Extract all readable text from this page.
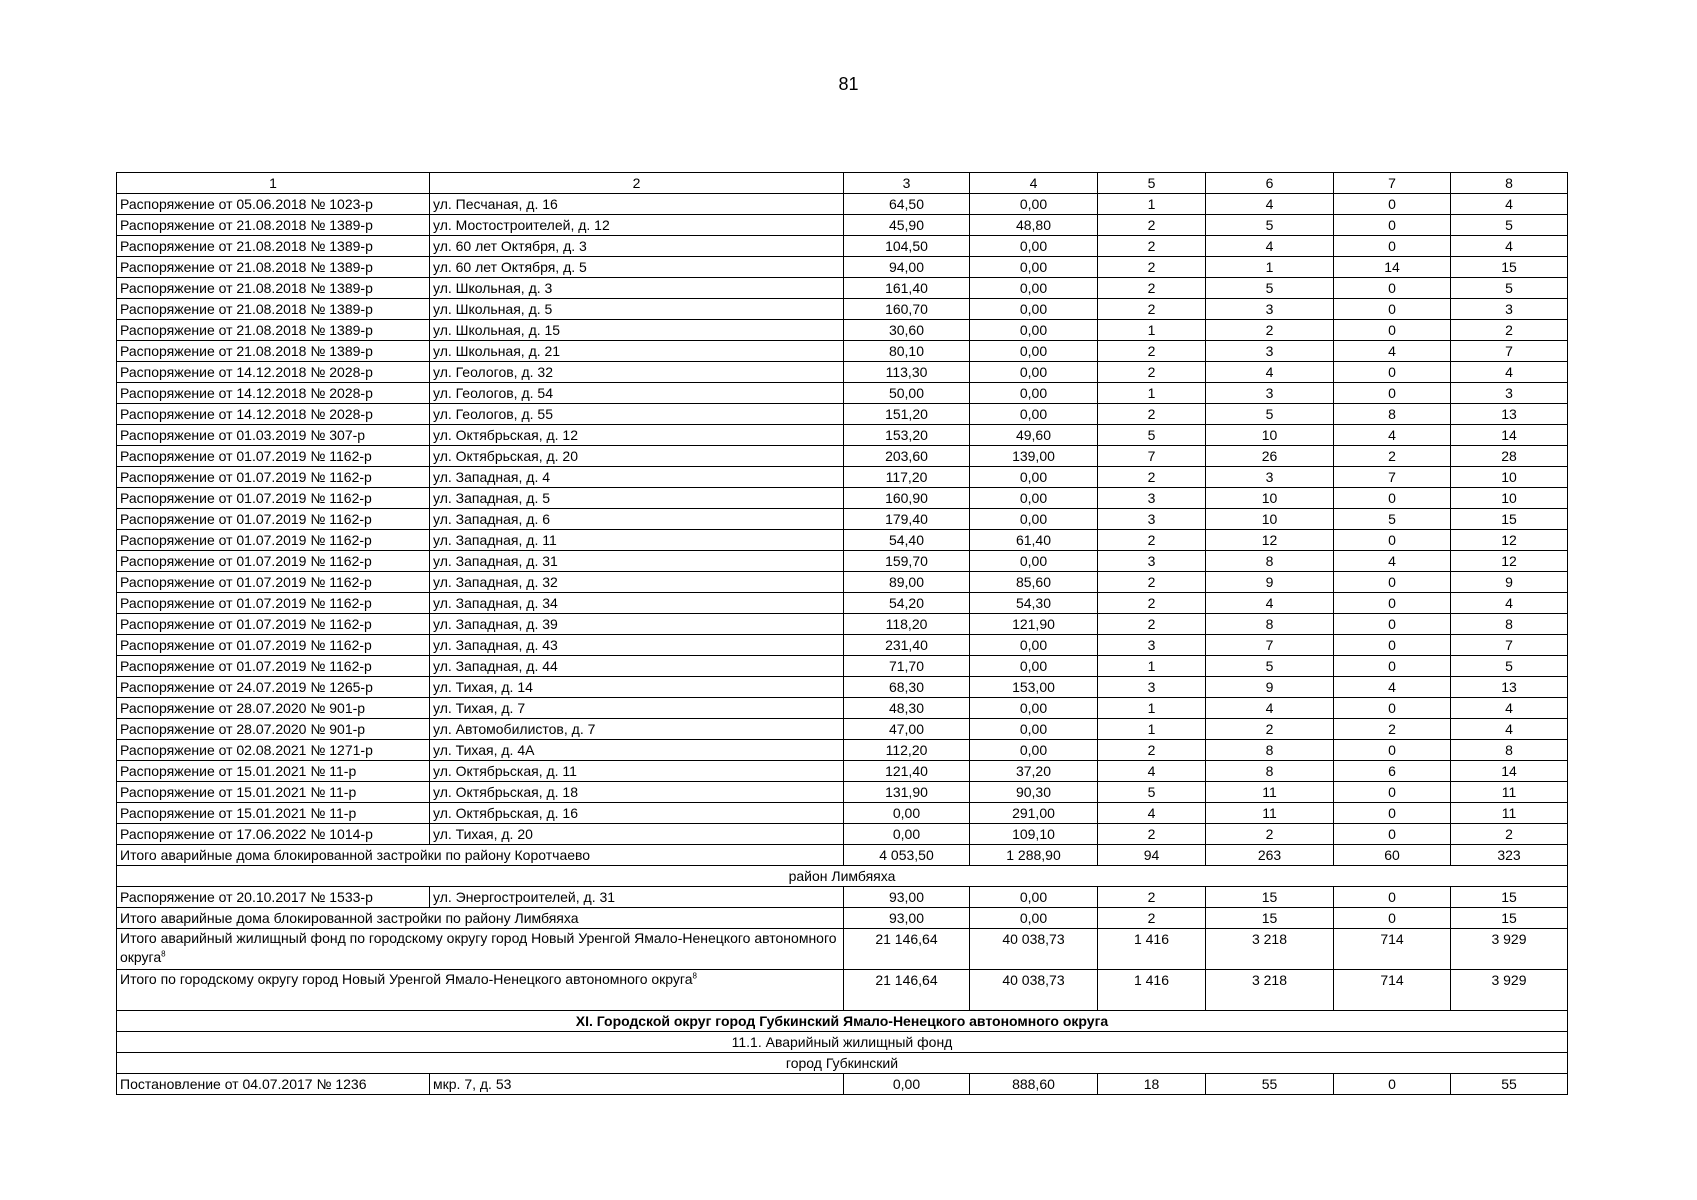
81
1	2	3	4	5	6	7	8
Распоряжение от 05.06.2018 № 1023-р	ул. Песчаная, д. 16	64,50	0,00	1	4	0	4
Распоряжение от 21.08.2018 № 1389-р	ул. Мостостроителей, д. 12	45,90	48,80	2	5	0	5
Распоряжение от 21.08.2018 № 1389-р	ул. 60 лет Октября, д. 3	104,50	0,00	2	4	0	4
Распоряжение от 21.08.2018 № 1389-р	ул. 60 лет Октября, д. 5	94,00	0,00	2	1	14	15
Распоряжение от 21.08.2018 № 1389-р	ул. Школьная, д. 3	161,40	0,00	2	5	0	5
Распоряжение от 21.08.2018 № 1389-р	ул. Школьная, д. 5	160,70	0,00	2	3	0	3
Распоряжение от 21.08.2018 № 1389-р	ул. Школьная, д. 15	30,60	0,00	1	2	0	2
Распоряжение от 21.08.2018 № 1389-р	ул. Школьная, д. 21	80,10	0,00	2	3	4	7
Распоряжение от 14.12.2018 № 2028-р	ул. Геологов, д. 32	113,30	0,00	2	4	0	4
Распоряжение от 14.12.2018 № 2028-р	ул. Геологов, д. 54	50,00	0,00	1	3	0	3
Распоряжение от 14.12.2018 № 2028-р	ул. Геологов, д. 55	151,20	0,00	2	5	8	13
Распоряжение от 01.03.2019 № 307-р	ул. Октябрьская, д. 12	153,20	49,60	5	10	4	14
Распоряжение от 01.07.2019 № 1162-р	ул. Октябрьская, д. 20	203,60	139,00	7	26	2	28
Распоряжение от 01.07.2019 № 1162-р	ул. Западная, д. 4	117,20	0,00	2	3	7	10
Распоряжение от 01.07.2019 № 1162-р	ул. Западная, д. 5	160,90	0,00	3	10	0	10
Распоряжение от 01.07.2019 № 1162-р	ул. Западная, д. 6	179,40	0,00	3	10	5	15
Распоряжение от 01.07.2019 № 1162-р	ул. Западная, д. 11	54,40	61,40	2	12	0	12
Распоряжение от 01.07.2019 № 1162-р	ул. Западная, д. 31	159,70	0,00	3	8	4	12
Распоряжение от 01.07.2019 № 1162-р	ул. Западная, д. 32	89,00	85,60	2	9	0	9
Распоряжение от 01.07.2019 № 1162-р	ул. Западная, д. 34	54,20	54,30	2	4	0	4
Распоряжение от 01.07.2019 № 1162-р	ул. Западная, д. 39	118,20	121,90	2	8	0	8
Распоряжение от 01.07.2019 № 1162-р	ул. Западная, д. 43	231,40	0,00	3	7	0	7
Распоряжение от 01.07.2019 № 1162-р	ул. Западная, д. 44	71,70	0,00	1	5	0	5
Распоряжение от 24.07.2019 № 1265-р	ул. Тихая, д. 14	68,30	153,00	3	9	4	13
Распоряжение от 28.07.2020 № 901-р	ул. Тихая, д. 7	48,30	0,00	1	4	0	4
Распоряжение от 28.07.2020 № 901-р	ул. Автомобилистов, д. 7	47,00	0,00	1	2	2	4
Распоряжение от 02.08.2021 № 1271-р	ул. Тихая, д. 4А	112,20	0,00	2	8	0	8
Распоряжение от 15.01.2021 № 11-р	ул. Октябрьская, д. 11	121,40	37,20	4	8	6	14
Распоряжение от 15.01.2021 № 11-р	ул. Октябрьская, д. 18	131,90	90,30	5	11	0	11
Распоряжение от 15.01.2021 № 11-р	ул. Октябрьская, д. 16	0,00	291,00	4	11	0	11
Распоряжение от 17.06.2022 № 1014-р	ул. Тихая, д. 20	0,00	109,10	2	2	0	2
Итого аварийные дома блокированной застройки по району Коротчаево		4 053,50	1 288,90	94	263	60	323
район Лимбяяха							
Распоряжение от 20.10.2017 № 1533-р	ул. Энергостроителей, д. 31	93,00	0,00	2	15	0	15
Итого аварийные дома блокированной застройки по району Лимбяяха		93,00	0,00	2	15	0	15
Итого аварийный жилищный фонд по городскому округу город Новый Уренгой Ямало-Ненецкого автономного округа$^8$		21 146,64	40 038,73	1 416	3 218	714	3 929
Итого по городскому округу город Новый Уренгой Ямало-Ненецкого автономного округа$^8$		21 146,64	40 038,73	1 416	3 218	714	3 929
XI. Городской округ город Губкинский Ямало-Ненецкого автономного округа							
11.1. Аварийный жилищный фонд							
город Губкинский							
Постановление от 04.07.2017 № 1236	мкр. 7, д. 53	0,00	888,60	18	55	0	55
